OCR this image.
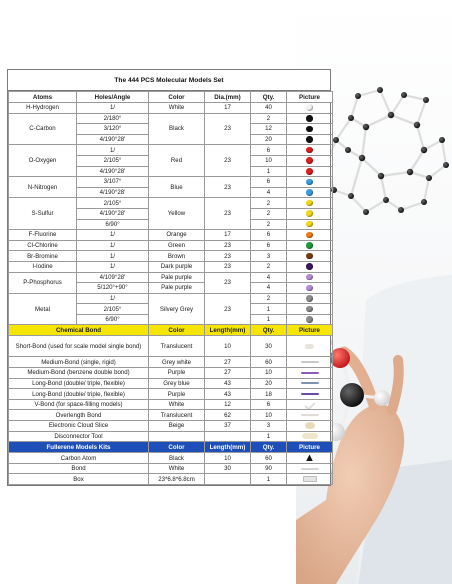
The 444 PCS Molecular Models Set
Atoms	Holes/Angle	Color	Dia.(mm)	Qty.	Picture
H-Hydrogen	1/	White	17	40	
C-Carbon	2/180°	Black	23	2	
	3/120°			12	
	4/190°28'			20	
O-Oxygen	1/	Red	23	6	
	2/105°			10	
	4/190°28'			1	
N-Nitrogen	3/107°	Blue	23	6	
	4/190°28'			4	
S-Sulfur	2/105°	Yellow	23	2	
	4/190°28'			2	
	6/90°			2	
F-Fluorine	1/	Orange	17	6	
Cl-Chlorine	1/	Green	23	6	
Br-Bromine	1/	Brown	23	3	
I-Iodine	1/	Dark purple	23	2	
P-Phosphorus	4/109°28'	Pale purple	23	4	
	5/120°+90°	Pale purple		4	
Metal	1/	Silvery Grey	23	2	
	2/105°			1	
	6/90°			1	
Chemical Bond		Color	Length(mm)	Qty.	Picture
Short-Bond (used for scale model single bond)		Translucent	10	30	
Medium-Bond (single, rigid)		Grey white	27	60	
Medium-Bond (benzene double bond)		Purple	27	10	
Long-Bond (double/ triple, flexible)		Grey blue	43	20	
Long-Bond (double/ triple, flexible)		Purple	43	18	
V-Bond (for space-filling models)		White	12	6	
Overlength Bond		Translucent	62	10	
Electronic Cloud Slice		Beige	37	3	
Disconnector Tool				1	
Fullerene Models Kits		Color	Length(mm)	Qty.	Picture
Carbon Atom		Black	10	60	
Bond		White	30	90	
Box		23*6.8*6.8cm		1	
